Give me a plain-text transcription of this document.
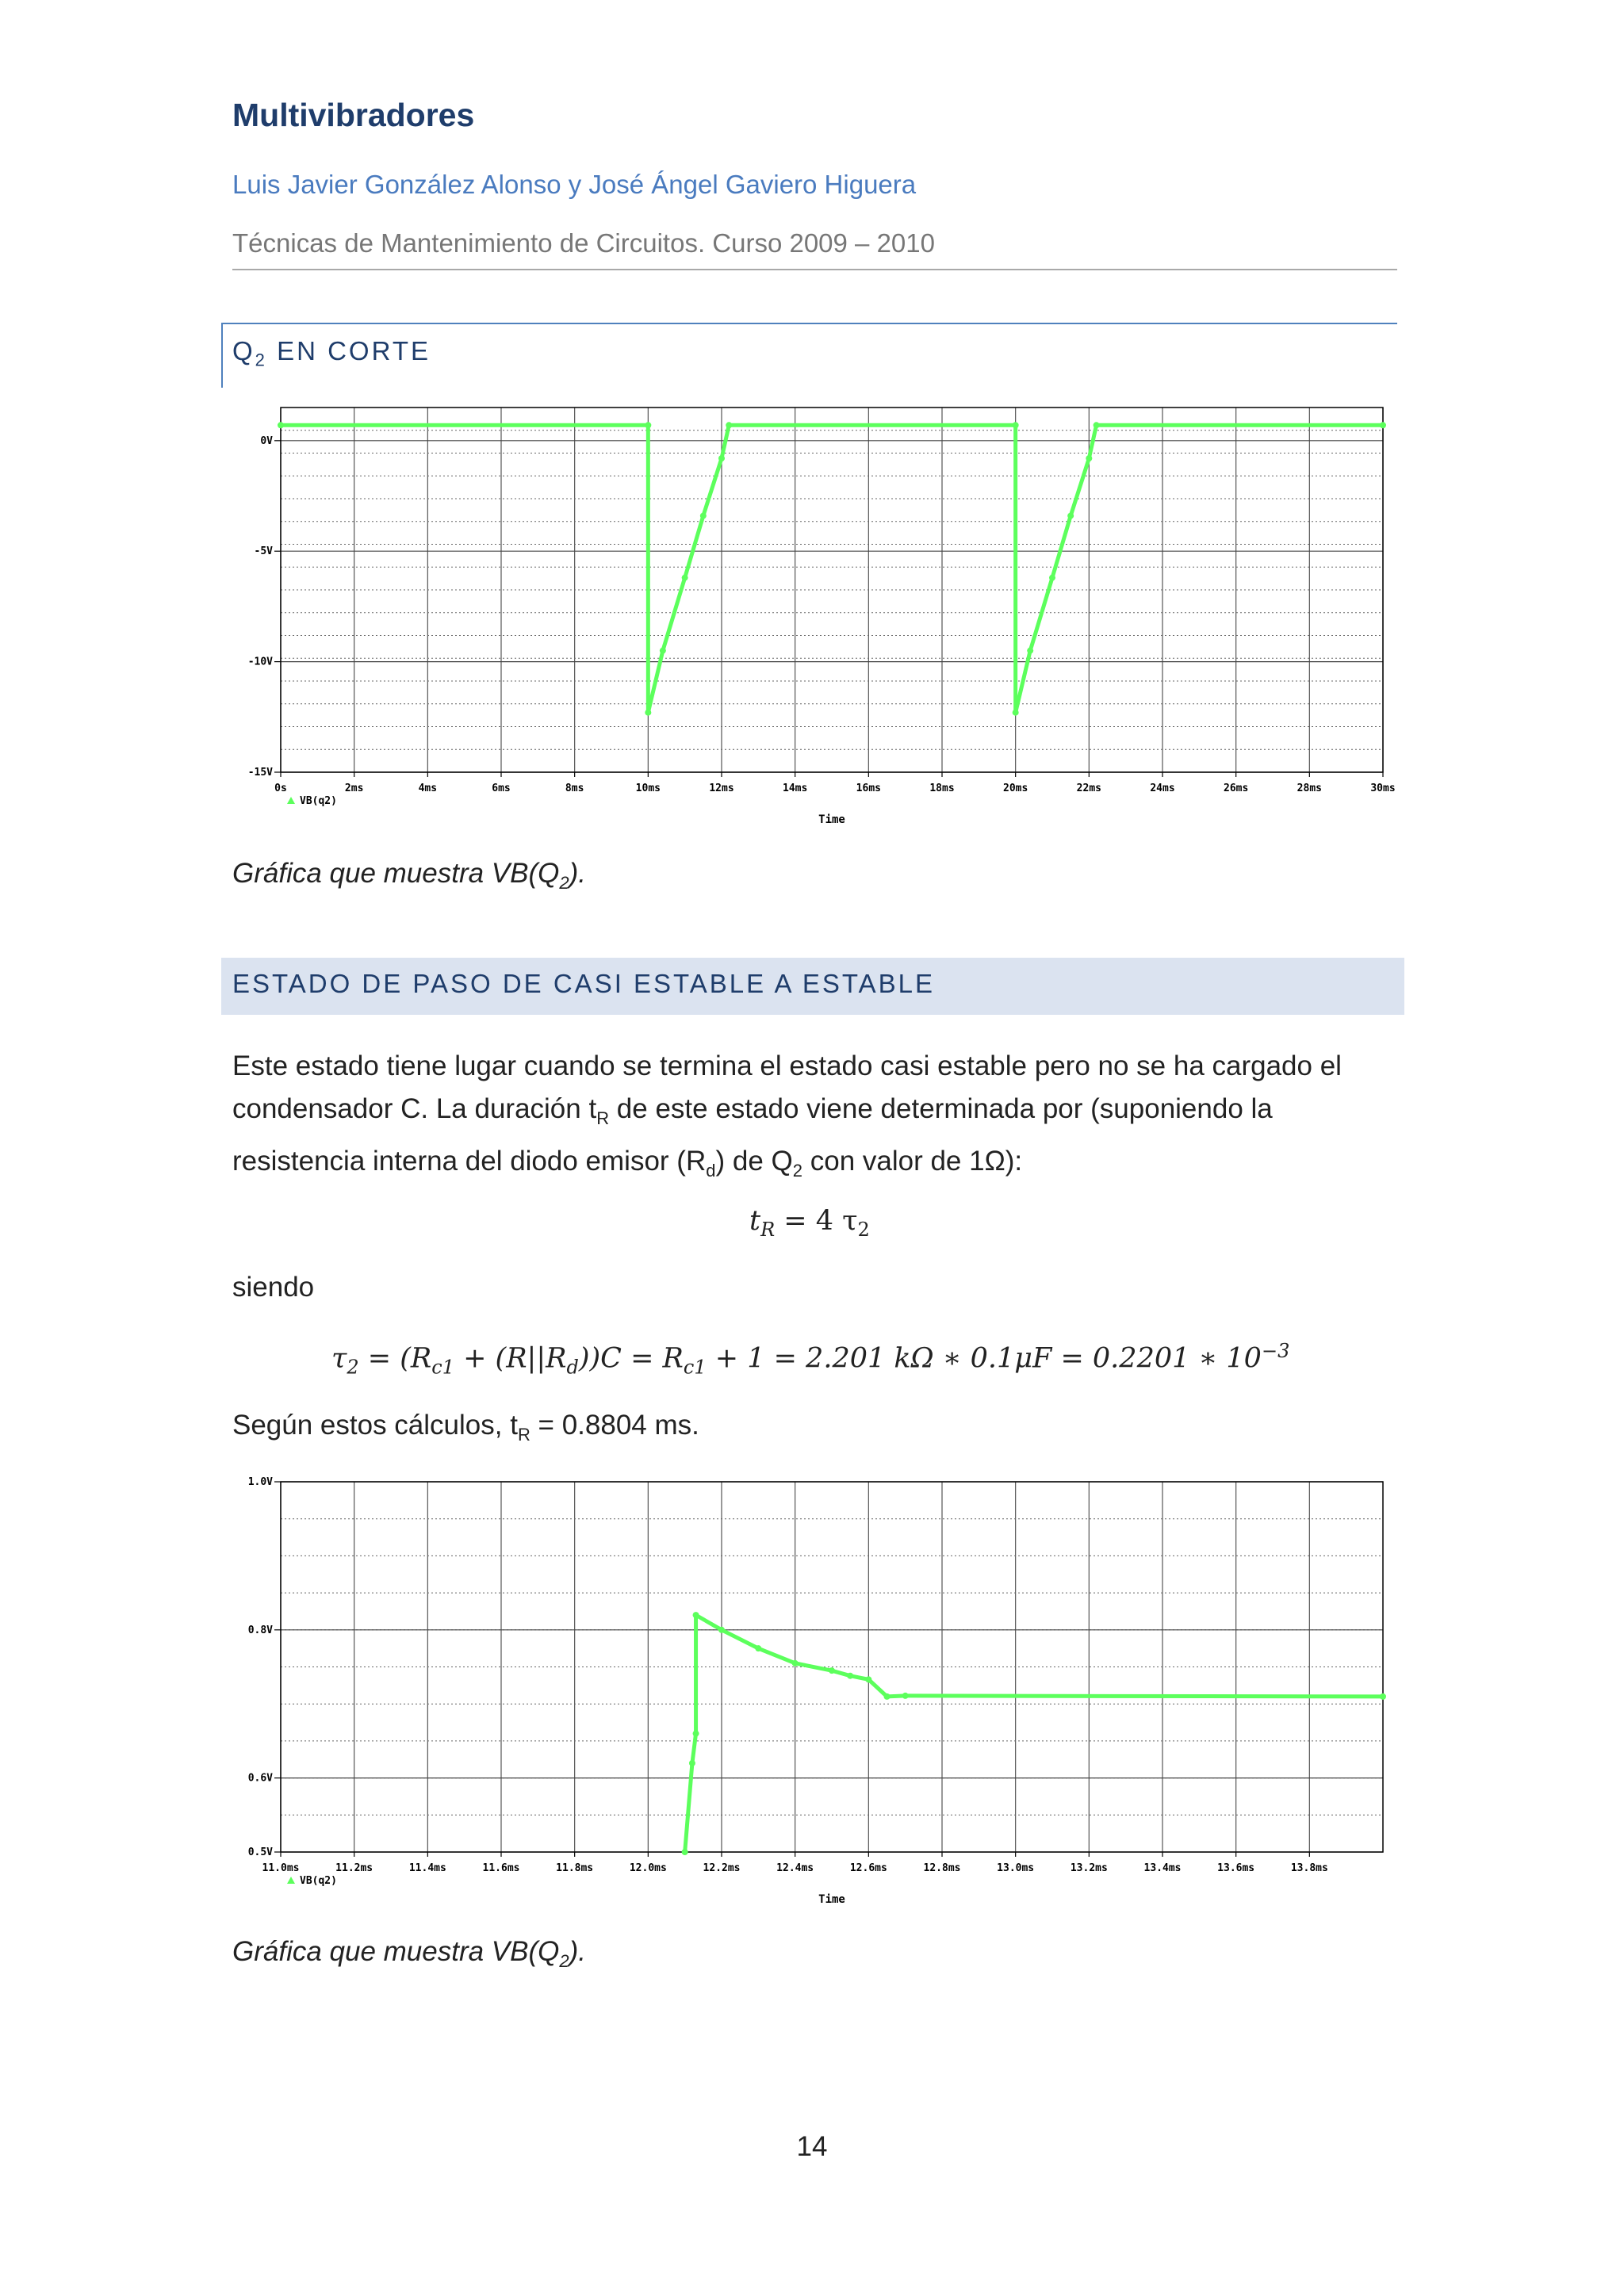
Multivibradores
Luis Javier González Alonso y José Ángel Gaviero Higuera
Técnicas de Mantenimiento de Circuitos. Curso 2009 – 2010
$Q_2$ EN CORTE
0s	2ms	4ms	6ms	8ms	10ms	12ms	14ms	16ms	18ms	20ms	22ms	24ms	26ms	28ms	30ms
0V
-5V
-10V
-15V
VB(q2)
Time
Gráfica que muestra $VB(Q_2)$.
ESTADO DE PASO DE CASI ESTABLE A ESTABLE

Este estado tiene lugar cuando se termina el estado casi estable pero no se ha cargado el condensador C. La duración $t_R$ de este estado viene determinada por (suponiendo la resistencia interna del diodo emisor $(R_d)$ de $Q_2$ con valor de 1Ω):

$t_R = 4$ $\tau_2$
siendo
$\tau_2 = (R_{c1} + (R||R_d))C = R_{c1} + 1 = 2.201$ kΩ ∗ 0.1μF = 0.2201 ∗ $10^{-3}$
Según estos cálculos, $t_R = 0.8804$ ms.
11.0ms	11.2ms	11.4ms	11.6ms	11.8ms	12.0ms	12.2ms	12.4ms	12.6ms	12.8ms	13.0ms	13.2ms	13.4ms	13.6ms	13.8ms
1.0V
0.8V
0.6V
0.5V
VB(q2)
Time
Gráfica que muestra $VB(Q_2)$.
14
